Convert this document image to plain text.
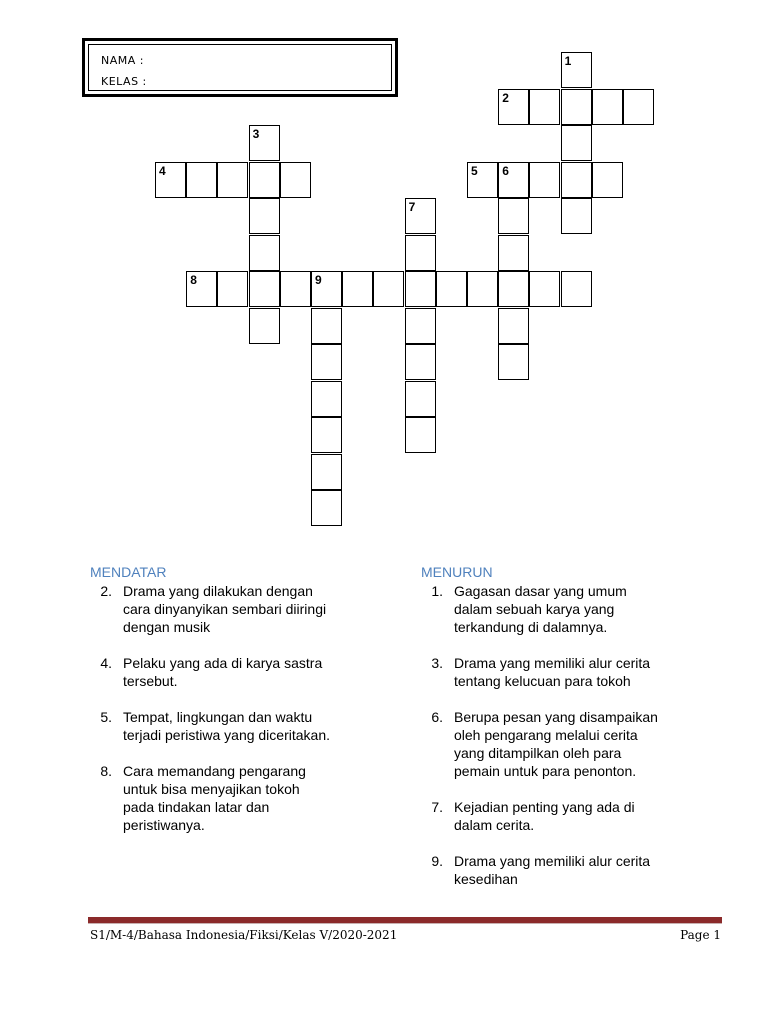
NAMA :
KELAS :
1
2
3
4	5 6
7
8	9
MENDATAR	MENURUN
2. Drama yang dilakukan dengan
cara dinyanyikan sembari diiringi
dengan musik
4. Pelaku yang ada di karya sastra
tersebut.
5. Tempat, lingkungan dan waktu
terjadi peristiwa yang diceritakan.
8. Cara memandang pengarang
untuk bisa menyajikan tokoh
pada tindakan latar dan
peristiwanya.
1. Gagasan dasar yang umum
dalam sebuah karya yang
terkandung di dalamnya.
3. Drama yang memiliki alur cerita
tentang kelucuan para tokoh
6. Berupa pesan yang disampaikan
oleh pengarang melalui cerita
yang ditampilkan oleh para
pemain untuk para penonton.
7. Kejadian penting yang ada di
dalam cerita.
9. Drama yang memiliki alur cerita
kesedihan
S1/M-4/Bahasa Indonesia/Fiksi/Kelas V/2020-2021	Page 1
